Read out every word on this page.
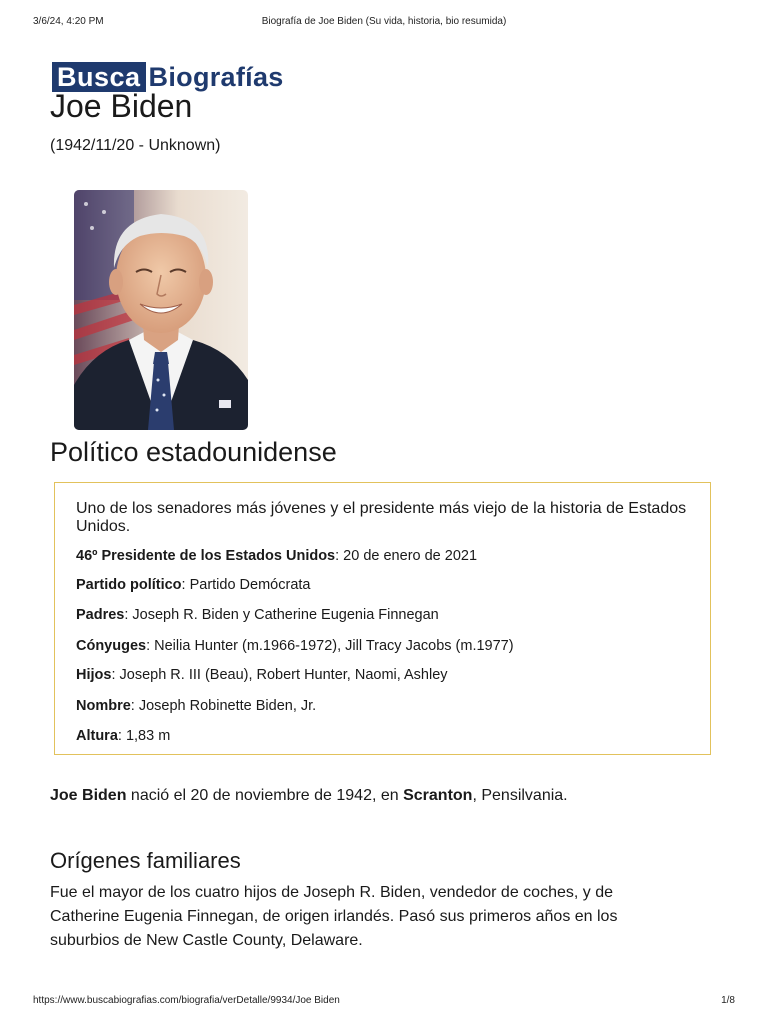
3/6/24, 4:20 PM	Biografía de Joe Biden (Su vida, historia, bio resumida)
Busca Biografías
Joe Biden
(1942/11/20 - Unknown)
Político estadounidense
Uno de los senadores más jóvenes y el presidente más viejo de la historia de Estados Unidos.
46º Presidente de los Estados Unidos: 20 de enero de 2021
Partido político: Partido Demócrata
Padres: Joseph R. Biden y Catherine Eugenia Finnegan
Cónyuges: Neilia Hunter (m.1966-1972), Jill Tracy Jacobs (m.1977)
Hijos: Joseph R. III (Beau), Robert Hunter, Naomi, Ashley
Nombre: Joseph Robinette Biden, Jr.
Altura: 1,83 m
Joe Biden nació el 20 de noviembre de 1942, en Scranton, Pensilvania.
Orígenes familiares
Fue el mayor de los cuatro hijos de Joseph R. Biden, vendedor de coches, y de
Catherine Eugenia Finnegan, de origen irlandés. Pasó sus primeros años en los
suburbios de New Castle County, Delaware.
https://www.buscabiografias.com/biografia/verDetalle/9934/Joe Biden	1/8
